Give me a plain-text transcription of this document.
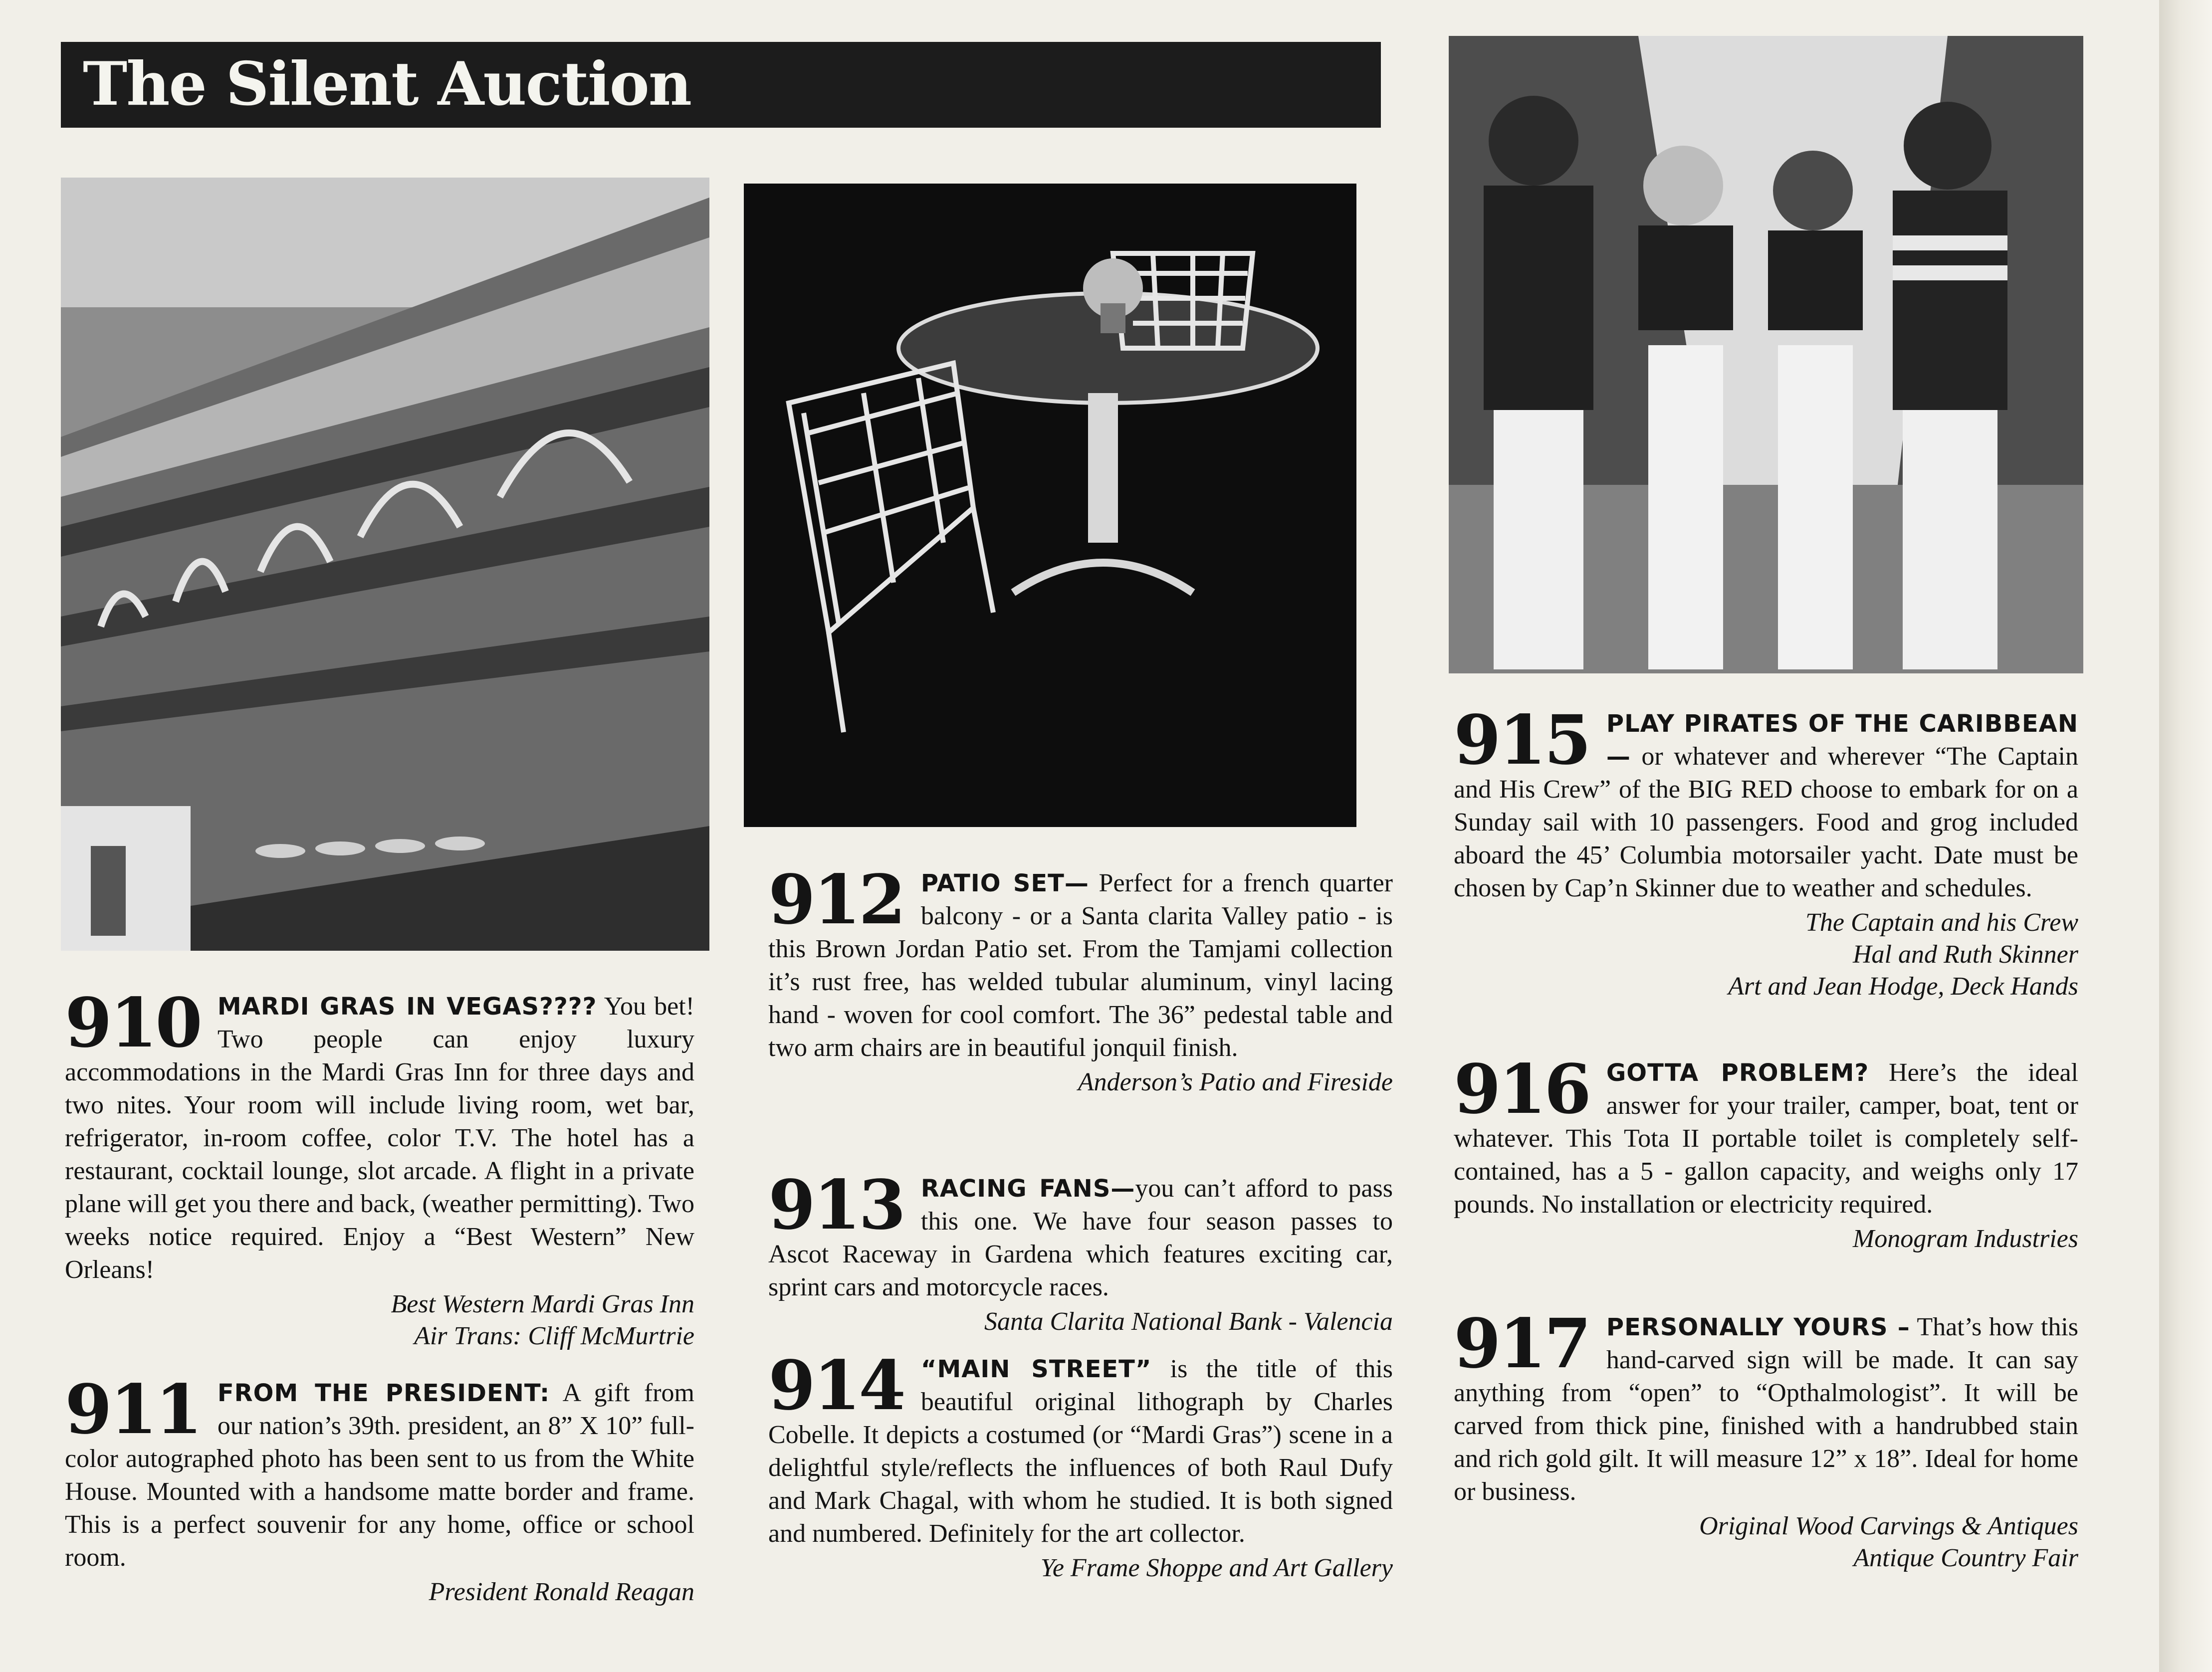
The Silent Auction
910 MARDI GRAS IN VEGAS???? You bet! Two people can enjoy luxury accommodations in the Mardi Gras Inn for three days and two nites. Your room will include living room, wet bar, refrigerator, in-room coffee, color T.V. The hotel has a restaurant, cocktail lounge, slot arcade. A flight in a private plane will get you there and back, (weather permitting). Two weeks notice required. Enjoy a “Best Western” New Orleans!

Best Western Mardi Gras Inn
Air Trans: Cliff McMurtrie
911 FROM THE PRESIDENT: A gift from our nation’s 39th. president, an 8” X 10” full-color autographed photo has been sent to us from the White House. Mounted with a handsome matte border and frame. This is a perfect souvenir for any home, office or school room.

President Ronald Reagan
912 PATIO SET— Perfect for a french quarter balcony - or a Santa clarita Valley patio - is this Brown Jordan Patio set. From the Tamjami collection it’s rust free, has welded tubular aluminum, vinyl lacing hand - woven for cool comfort. The 36” pedestal table and two arm chairs are in beautiful jonquil finish.

Anderson’s Patio and Fireside
913 RACING FANS—you can’t afford to pass this one. We have four season passes to Ascot Raceway in Gardena which features exciting car, sprint cars and motorcycle races.

Santa Clarita National Bank - Valencia
914 “MAIN STREET” is the title of this beautiful original lithograph by Charles Cobelle. It depicts a costumed (or “Mardi Gras”) scene in a delightful style/reflects the influences of both Raul Dufy and Mark Chagal, with whom he studied. It is both signed and numbered. Definitely for the art collector.

Ye Frame Shoppe and Art Gallery
915 PLAY PIRATES OF THE CARIBBEAN— or whatever and wherever “The Captain and His Crew” of the BIG RED choose to embark for on a Sunday sail with 10 passengers. Food and grog included aboard the 45’ Columbia motorsailer yacht. Date must be chosen by Cap’n Skinner due to weather and schedules.

The Captain and his Crew
Hal and Ruth Skinner
Art and Jean Hodge, Deck Hands
916 GOTTA PROBLEM? Here’s the ideal answer for your trailer, camper, boat, tent or whatever. This Tota II portable toilet is completely self-contained, has a 5 - gallon capacity, and weighs only 17 pounds. No installation or electricity required.

Monogram Industries
917 PERSONALLY YOURS – That’s how this hand-carved sign will be made. It can say anything from “open” to “Opthalmologist”. It will be carved from thick pine, finished with a handrubbed stain and rich gold gilt. It will measure 12” x 18”. Ideal for home or business.

Original Wood Carvings & Antiques
Antique Country Fair
